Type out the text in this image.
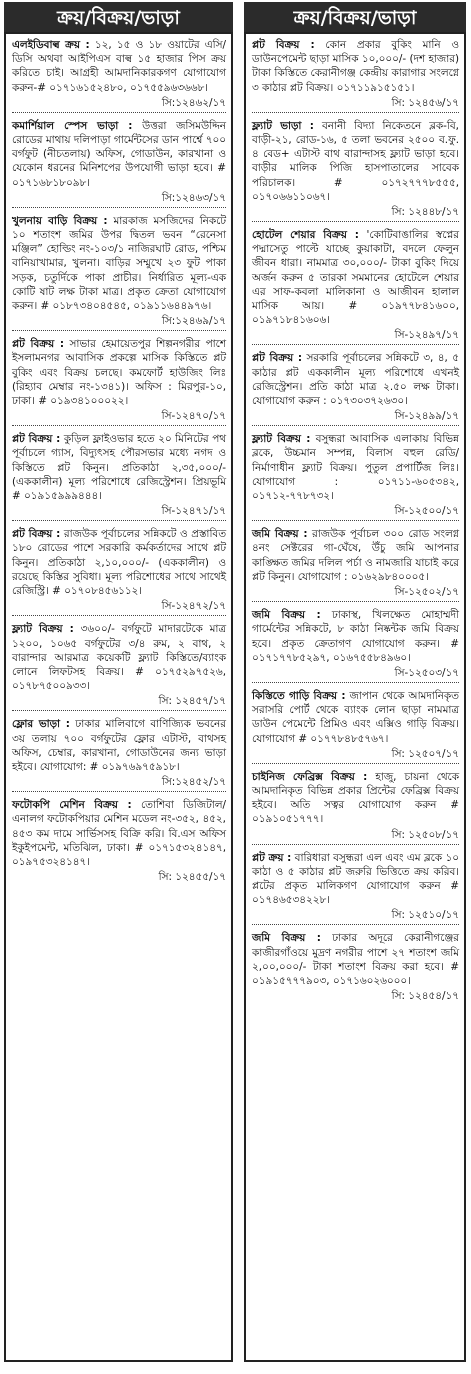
ক্রয়/বিক্রয়/ভাড়া

এলইডিবাল্ব ক্রয় : ১২, ১৫ ও ১৮ ওয়াটের এসি/ডিসি অথবা আইপিএস বাল্ব ১৫ হাজার পিস ক্রয় করিতে চাই। আগ্রহী আমদানিকারকগণ যোগাযোগ করুন-# ০১৭১৬১৫২৪৮০, ০১৭৫৫৯৬৩৬৬৮।

সি:১২৪৬২/১৭

কমার্শিয়াল স্পেস ভাড়া : উত্তরা জসিমউদ্দিন রোডের মাথায় দলিপাড়া গার্মেন্টসের ডান পার্শ্বে ৭০০ বর্গফুট (নীচতলায়) অফিস, গোডাউন, কারখানা ও যেকোন ধরনের মিনিশপের উপযোগী ভাড়া হবে। # ০১৭১৬৮১৮০৯৮।

সি:১২৪৬৩/১৭

খুলনায় বাড়ি বিক্রয় : মারকাজ মসজিদের নিকটে ১০ শতাংশ জমির উপর দ্বিতল ভবন “রেনেসা মঞ্জিল” হোল্ডিং নং-১০৩/১ নাজিরঘাট রোড, পশ্চিম বানিয়াখামার, খুলনা। বাড়ির সম্মুখে ২৩ ফুট পাকা সড়ক, চতুর্দিকে পাকা প্রাচীর। নির্ধারিত মূল্য-এক কোটি ষাট লক্ষ টাকা মাত্র। প্রকৃত ক্রেতা যোগাযোগ করুন। # ০১৮৭৩৪০৪৫৪৫, ০১৯১১৬৪৪৯৭৬।

সি:১২৪৬৯/১৭

প্লট বিক্রয় : সাভার হেমায়েতপুর শিল্পনগরীর পাশে ইসলামনগর আবাসিক প্রকল্পে মাসিক কিস্তিতে প্লট বুকিং এবং বিক্রয় চলছে। কমফোর্ট হাউজিং লিঃ (রিহ্যাব মেম্বার নং-১৩৪১)। অফিস : মিরপুর-১০, ঢাকা। # ০১৯৩৪১০০০২২।

সি-১২৪৭০/১৭

প্লট বিক্রয় : কুড়িল ফ্লাইওভার হতে ২০ মিনিটের পথ পূর্বাচলে গ্যাস, বিদ্যুৎসহ পৌরসভার মধ্যে নগদ ও কিস্তিতে প্লট কিনুন। প্রতিকাঠা ২,৩৫,০০০/- (এককালীন) মূল্য পরিশোধে রেজিস্ট্রেশন। প্রিয়ভূমি # ০১৯১৫৯৯৯৪৪৪।

সি-১২৪৭১/১৭

প্লট বিক্রয় : রাজউক পূর্বাচলের সন্নিকটে ও প্রস্তাবিত ১৮০ রোডের পাশে সরকারি কর্মকর্তাদের সাথে প্লট কিনুন। প্রতিকাঠা ২,১০,০০০/- (এককালীন) ও রয়েছে কিস্তির সুবিধা। মূল্য পরিশোধের সাথে সাথেই রেজিস্ট্রি। # ০১৭০৮৪৫৬১১২।

সি-১২৪৭২/১৭

ফ্ল্যাট বিক্রয় : ৩৬০০/- বর্গফুটে মাদারটেকে মাত্র ১২০০, ১০৬৫ বর্গফুটের ৩/৪ রুম, ২ বাথ, ২ বারান্দার আরমাত্র কয়েকটি ফ্ল্যাট কিস্তিতে/ব্যাংক লোনে লিফটসহ বিক্রয়। # ০১৭৫২৯৭৫২৬, ০১৭৮৭৫০০৯৩৩।

সি: ১২৪৫৭/১৭

ফ্লোর ভাড়া : ঢাকার মালিবাগে বাণিজ্যিক ভবনের ৩য় তলায় ৭০০ বর্গফুটের ফ্লোর এটাস্ট, বাথসহ অফিস, চেম্বার, কারখানা, গোডাউনের জন্য ভাড়া হইবে। যোগাযোগ: # ০১৯৭৬৯৭৫৯১৮।

সি:১২৪৫২/১৭

ফটোকপি মেশিন বিক্রয় : তোশিবা ডিজিটাল/এনালগ ফটোকপিয়ার মেশিন মডেল নং-৩৫২, ৪৫২, ৪৫৩ কম দামে সার্ভিসসহ বিক্রি করি। বি.এস অফিস ইকুইপমেন্ট, মতিঝিল, ঢাকা। # ০১৭১৫৩২৪১৪৭, ০১৯৭৫৩২৪১৪৭।

সি: ১২৪৫৫/১৭
ক্রয়/বিক্রয়/ভাড়া

প্লট বিক্রয় : কোন প্রকার বুকিং মানি ও ডাউনপেমেন্ট ছাড়া মাসিক ১০,০০০/- (দশ হাজার) টাকা কিস্তিতে কেরানীগঞ্জ কেন্দ্রীয় কারাগার সংলগ্নে ৩ কাঠার প্লট বিক্রয়। ০১৭১১৯১৫১৫১।

সি: ১২৪৫৬/১৭

ফ্ল্যাট ভাড়া : বনানী বিদ্যা নিকেতনে ব্লক-বি, বাড়ী-২১, রোড-১৬, ৫ তলা ভবনের ২৫০০ ব.ফু. ৪ বেড+ এটাস্ট বাথ বারান্দাসহ ফ্ল্যাট ভাড়া হবে। বাড়ীর মালিক পিজি হাসপাতালের সাবেক পরিচালক। # ০১৭২৭৭৭৮৫৫৫, ০১৭০৬৬১১০৬৭।

সি: ১২৪৪৮/১৭

হোটেল শেয়ার বিক্রয় : 'কোটিবাঙালির স্বপ্নের পদ্মাসেতু পাল্টে যাচ্ছে কুয়াকাটা, বদলে ফেলুন জীবন ধারা। নামমাত্র ৩০,০০০/- টাকা বুকিং দিয়ে অর্জন করুন ৫ তারকা সমমানের হোটেলে শেয়ার এর সাফ-কবলা মালিকানা ও আজীবন হালাল মাসিক আয়। # ০১৯৭৭৮৪১৬০০, ০১৯৭১৮৪১৬০৬।

সি-১২৪৯৭/১৭

প্লট বিক্রয় : সরকারি পূর্বাচলের সন্নিকটে ৩, ৪, ৫ কাঠার প্লট এককালীন মূল্য পরিশোধে এখনই রেজিস্ট্রেশন। প্রতি কাঠা মাত্র ২.৫০ লক্ষ টাকা। যোগাযোগ করুন : ০১৭৩০৩৭২৬৩০।

সি-১২৪৯৯/১৭

ফ্ল্যাট বিক্রয় : বসুন্ধরা আবাসিক এলাকায় বিভিন্ন ব্লকে, উচ্চমান সম্পন্ন, বিলাস বহুল রেডি/ নির্মাণাধীন ফ্ল্যাট বিক্রয়। পুতুল প্রপার্টিজ লিঃ। যোগাযোগ : ০১৭১১-৬০৫৩৪২, ০১৭১২-৭৭৮৭৩২।

সি-১২৫০০/১৭

জমি বিক্রয় : রাজউক পূর্বাচল ৩০০ রোড সংলগ্ন ৪নং সেক্টরের গা-ঘেঁষে, উঁচু জমি আপনার কাঙ্ক্ষিত জমির দলিল পর্চা ও নামজারি যাচাই করে প্লট কিনুন। যোগাযোগ : ০১৬২৯৮৪০০০৫।

সি-১২৫০২/১৭

জমি বিক্রয় : ঢাকাস্থ, খিলক্ষেত মোহাম্মদী গার্মেন্টের সন্নিকটে, ৮ কাঠা নিষ্কন্টক জমি বিক্রয় হবে। প্রকৃত ক্রেতাগণ যোগাযোগ করুন। # ০১৭১৭৭৮৫২৯৭, ০১৬৭৫৫৮৪৯৬০।

সি-১২৫০৩/১৭

কিস্তিতে গাড়ি বিক্রয় : জাপান থেকে আমদানিকৃত সরাসরি পোর্ট থেকে ব্যাংক লোন ছাড়া নামমাত্র ডাউন পেমেন্টে প্রিমিও এবং এক্সিও গাড়ি বিক্রয়। যোগাযোগ # ০১৭৭৮৪৮৫৭৬৭।

সি: ১২৫০৭/১৭

চাইনিজ ফেব্রিক্স বিক্রয় : হাজু, চায়না থেকে আমদানিকৃত বিভিন্ন প্রকার প্রিন্টের ফেব্রিক্স বিক্রয় হইবে। অতি সত্বর যোগাযোগ করুন # ০১৯১০৫১৭৭৭।

সি: ১২৫০৮/১৭

প্লট ক্রয় : বারিধারা বসুন্ধরা এল এবং এম ব্লকে ১০ কাঠা ও ৫ কাঠার প্লট জরুরি ভিত্তিতে ক্রয় করিব। প্লটের প্রকৃত মালিকগণ যোগাযোগ করুন # ০১৭৪৬৫৩৪২২৮।

সি: ১২৫১০/১৭

জমি বিক্রয় : ঢাকার অদূরে কেরানীগঞ্জের কাজীরগাঁওয়ে মুদ্রণ নগরীর পাশে ২৭ শতাংশ জমি ২,০০,০০০/- টাকা শতাংশ বিক্রয় করা হবে। # ০১৯১৫৭৭৭৯০৩, ০১৭১৬০২৬০০০।

সি: ১২৪৫৪/১৭
